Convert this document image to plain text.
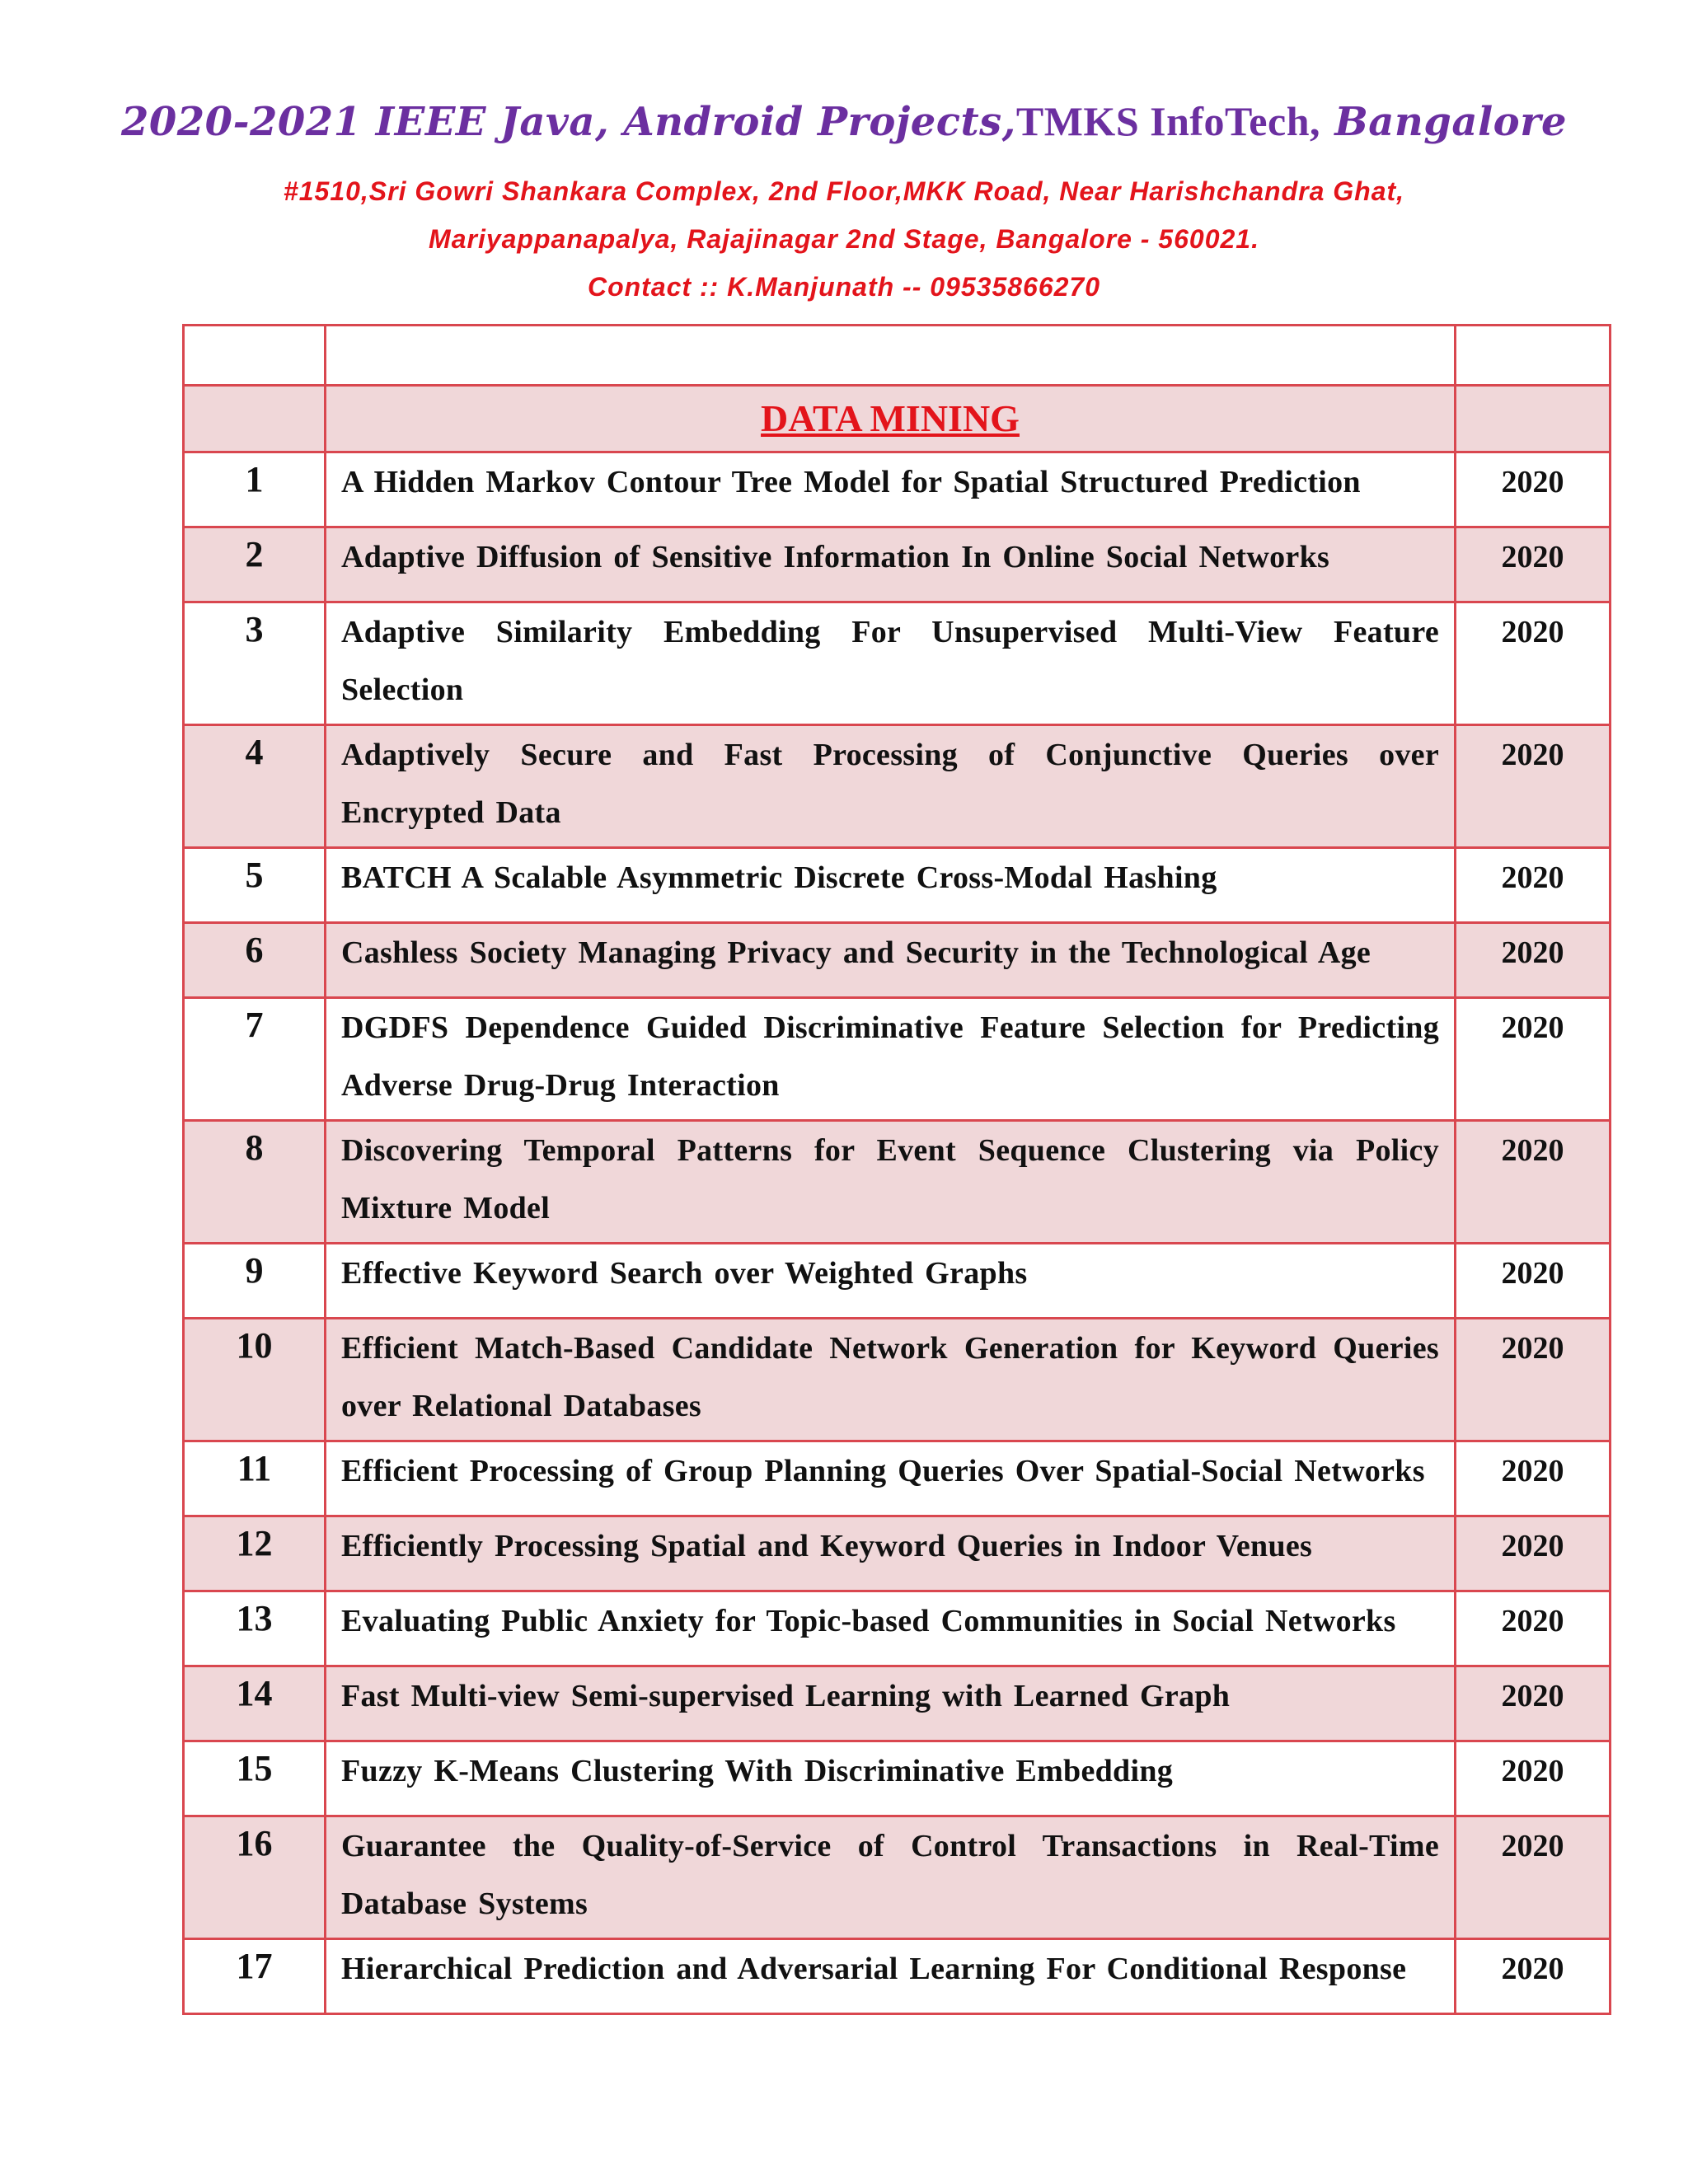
2020-2021 IEEE Java, Android Projects,TMKS InfoTech, Bangalore
#1510,Sri Gowri Shankara Complex, 2nd Floor,MKK Road, Near Harishchandra Ghat,
Mariyappanapalya, Rajajinagar 2nd Stage, Bangalore - 560021.
Contact :: K.Manjunath -- 09535866270

	DATA MINING	

1	A Hidden Markov Contour Tree Model for Spatial Structured Prediction	2020
2	Adaptive Diffusion of Sensitive Information In Online Social Networks	2020
3	Adaptive Similarity Embedding For Unsupervised Multi-View Feature Selection	2020
4	Adaptively Secure and Fast Processing of Conjunctive Queries over Encrypted Data	2020
5	BATCH A Scalable Asymmetric Discrete Cross-Modal Hashing	2020
6	Cashless Society Managing Privacy and Security in the Technological Age	2020
7	DGDFS Dependence Guided Discriminative Feature Selection for Predicting Adverse Drug-Drug Interaction	2020
8	Discovering Temporal Patterns for Event Sequence Clustering via Policy Mixture Model	2020
9	Effective Keyword Search over Weighted Graphs	2020
10	Efficient Match-Based Candidate Network Generation for Keyword Queries over Relational Databases	2020
11	Efficient Processing of Group Planning Queries Over Spatial-Social Networks	2020
12	Efficiently Processing Spatial and Keyword Queries in Indoor Venues	2020
13	Evaluating Public Anxiety for Topic-based Communities in Social Networks	2020
14	Fast Multi-view Semi-supervised Learning with Learned Graph	2020
15	Fuzzy K-Means Clustering With Discriminative Embedding	2020
16	Guarantee the Quality-of-Service of Control Transactions in Real-Time Database Systems	2020
17	Hierarchical Prediction and Adversarial Learning For Conditional Response	2020
